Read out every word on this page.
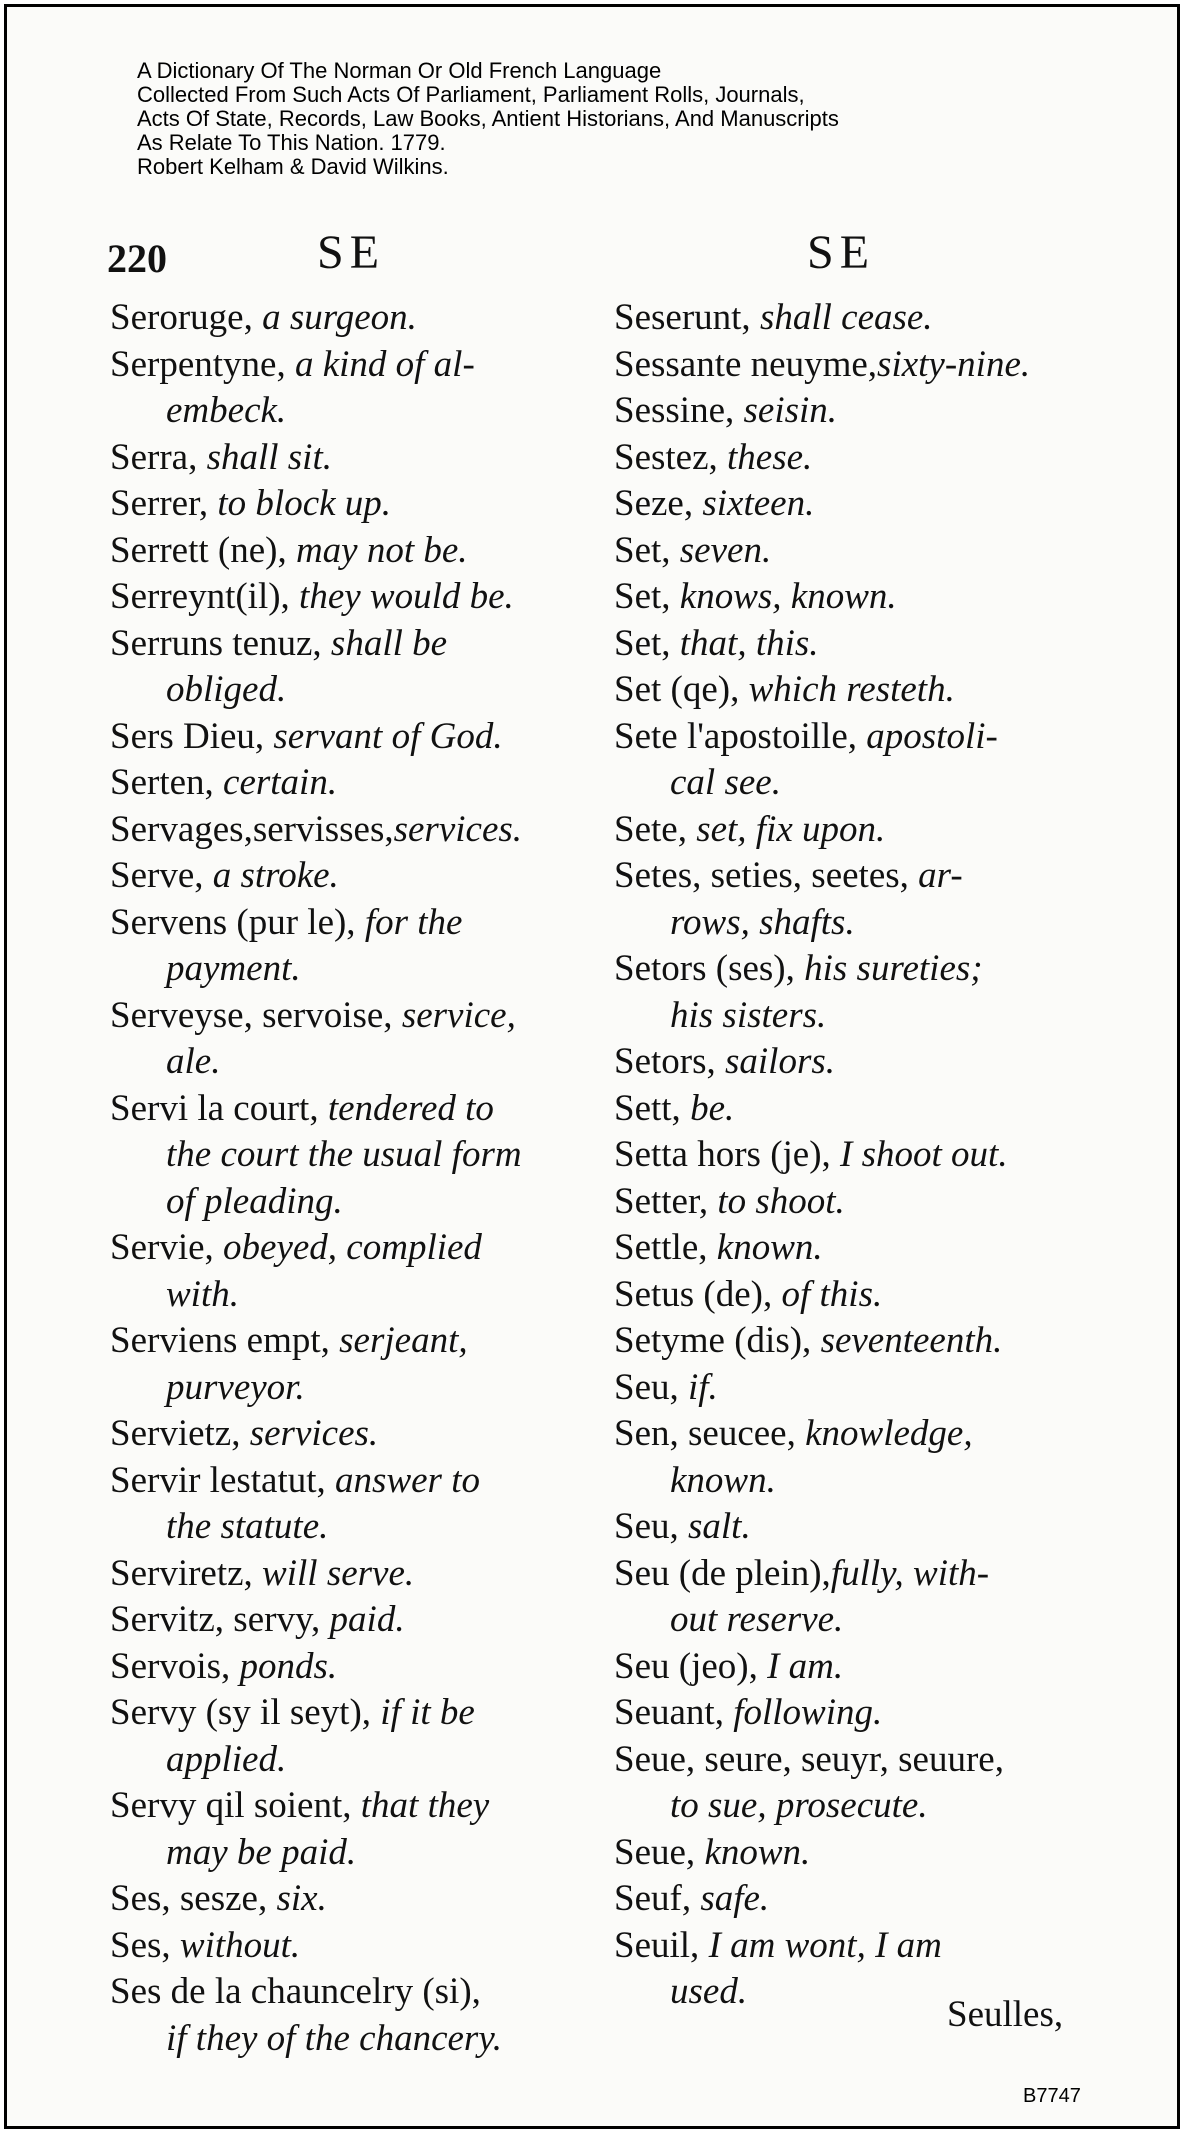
A Dictionary Of The Norman Or Old French Language
Collected From Such Acts Of Parliament, Parliament Rolls, Journals,
Acts Of State, Records, Law Books, Antient Historians, And Manuscripts
As Relate To This Nation. 1779.
Robert Kelham & David Wilkins.
220	SE	SE
Seroruge, a surgeon.
Serpentyne, a kind of al-
embeck.
Serra, shall sit.
Serrer, to block up.
Serrett (ne), may not be.
Serreynt(il), they would be.
Serruns tenuz, shall be
obliged.
Sers Dieu, servant of God.
Serten, certain.
Servages,servisses,services.
Serve, a stroke.
Servens (pur le), for the
payment.
Serveyse, servoise, service,
ale.
Servi la court, tendered to
the court the usual form
of pleading.
Servie, obeyed, complied
with.
Serviens empt, serjeant,
purveyor.
Servietz, services.
Servir lestatut, answer to
the statute.
Serviretz, will serve.
Servitz, servy, paid.
Servois, ponds.
Servy (sy il seyt), if it be
applied.
Servy qil soient, that they
may be paid.
Ses, sesze, six.
Ses, without.
Ses de la chauncelry (si),
if they of the chancery.
Seserunt, shall cease.
Sessante neuyme,sixty-nine.
Sessine, seisin.
Sestez, these.
Seze, sixteen.
Set, seven.
Set, knows, known.
Set, that, this.
Set (qe), which resteth.
Sete l'apostoille, apostoli-
cal see.
Sete, set, fix upon.
Setes, seties, seetes, ar-
rows, shafts.
Setors (ses), his sureties;
his sisters.
Setors, sailors.
Sett, be.
Setta hors (je), I shoot out.
Setter, to shoot.
Settle, known.
Setus (de), of this.
Setyme (dis), seventeenth.
Seu, if.
Sen, seucee, knowledge,
known.
Seu, salt.
Seu (de plein),fully, with-
out reserve.
Seu (jeo), I am.
Seuant, following.
Seue, seure, seuyr, seuure,
to sue, prosecute.
Seue, known.
Seuf, safe.
Seuil, I am wont, I am
used.
Seulles,
B7747
